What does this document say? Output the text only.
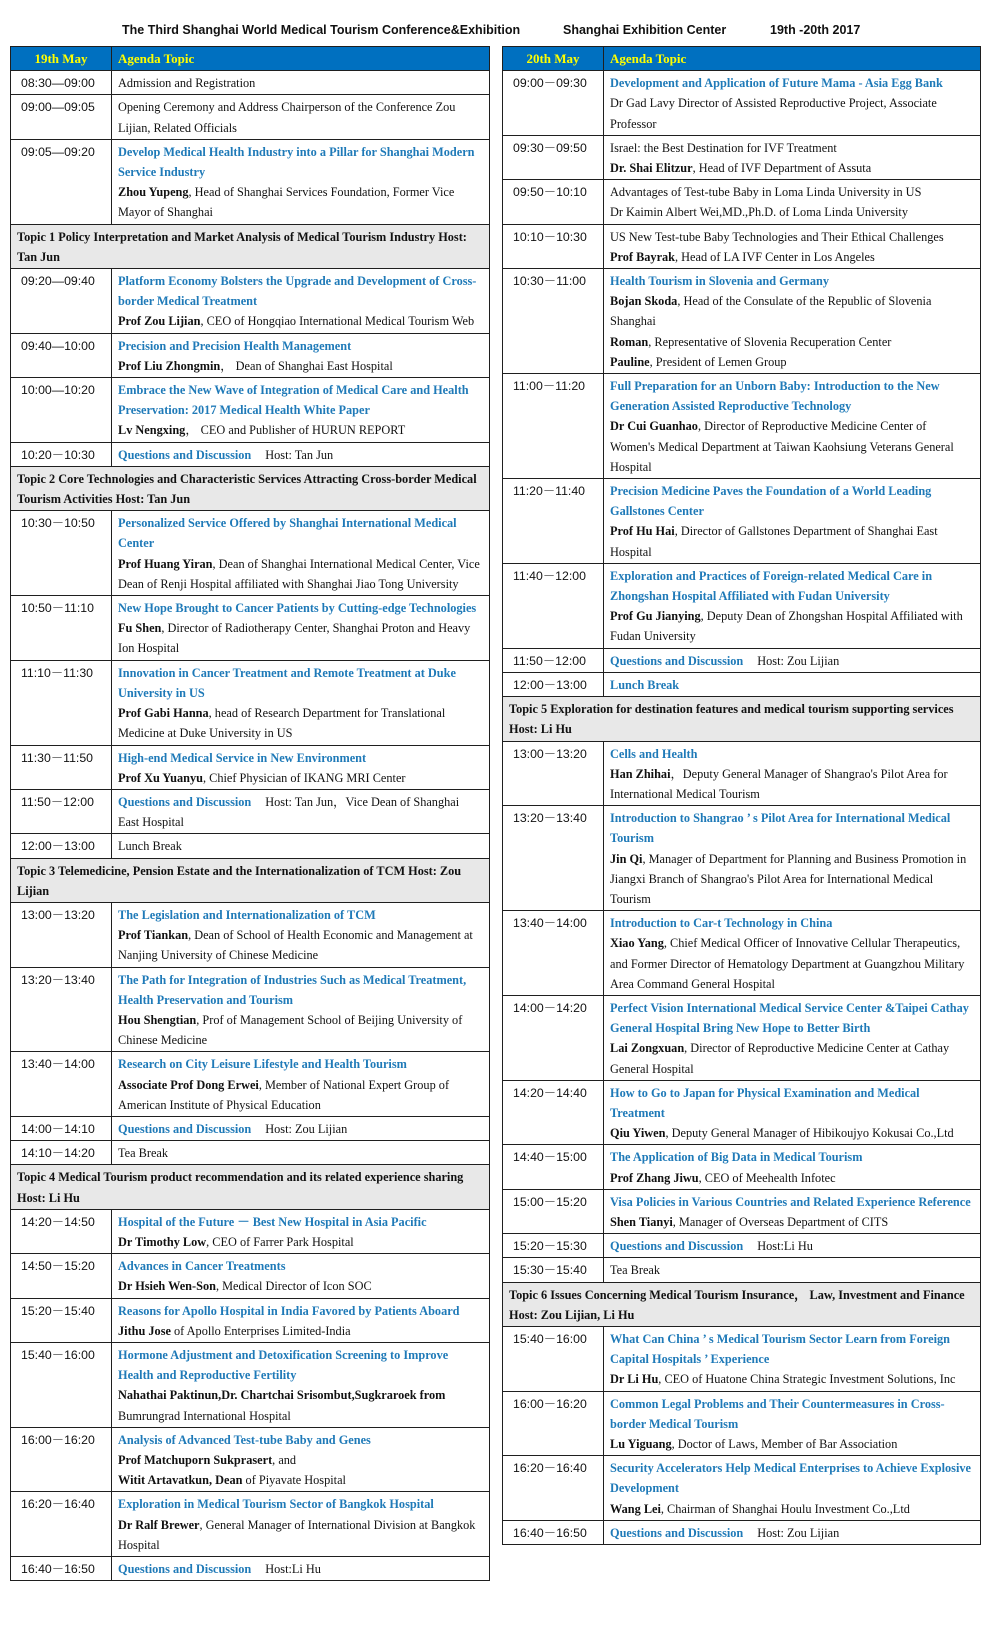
The Third Shanghai World Medical Tourism Conference&Exhibition	Shanghai Exhibition Center	19th -20th 2017
19th May	Agenda Topic
08:30—09:00	Admission and Registration
09:00—09:05	Opening Ceremony and Address Chairperson of the Conference Zou Lijian, Related Officials
09:05—09:20	Develop Medical Health Industry into a Pillar for Shanghai Modern Service Industry
Zhou Yupeng, Head of Shanghai Services Foundation, Former Vice Mayor of Shanghai

Topic 1 Policy Interpretation and Market Analysis of Medical Tourism Industry Host: Tan Jun	
09:20—09:40	Platform Economy Bolsters the Upgrade and Development of Cross-border Medical Treatment
Prof Zou Lijian, CEO of Hongqiao International Medical Tourism Web

09:40—10:00	Precision and Precision Health Management
Prof Liu Zhongmin， Dean of Shanghai East Hospital

10:00—10:20	Embrace the New Wave of Integration of Medical Care and Health Preservation: 2017 Medical Health White Paper
Lv Nengxing， CEO and Publisher of HURUN REPORT

10:20－10:30	Questions and Discussion Host: Tan Jun
Topic 2 Core Technologies and Characteristic Services Attracting Cross-border Medical Tourism Activities Host: Tan Jun	
10:30－10:50	Personalized Service Offered by Shanghai International Medical Center
Prof Huang Yiran, Dean of Shanghai International Medical Center, Vice Dean of Renji Hospital affiliated with Shanghai Jiao Tong University

10:50－11:10	New Hope Brought to Cancer Patients by Cutting-edge Technologies
Fu Shen, Director of Radiotherapy Center, Shanghai Proton and Heavy Ion Hospital

11:10－11:30	Innovation in Cancer Treatment and Remote Treatment at Duke University in US
Prof Gabi Hanna, head of Research Department for Translational Medicine at Duke University in US

11:30－11:50	High-end Medical Service in New Environment
Prof Xu Yuanyu, Chief Physician of IKANG MRI Center

11:50－12:00	Questions and Discussion Host: Tan Jun，Vice Dean of Shanghai East Hospital
12:00－13:00	Lunch Break
Topic 3 Telemedicine, Pension Estate and the Internationalization of TCM Host: Zou Lijian	
13:00－13:20	The Legislation and Internationalization of TCM
Prof Tiankan, Dean of School of Health Economic and Management at Nanjing University of Chinese Medicine

13:20－13:40	The Path for Integration of Industries Such as Medical Treatment, Health Preservation and Tourism
Hou Shengtian, Prof of Management School of Beijing University of Chinese Medicine

13:40－14:00	Research on City Leisure Lifestyle and Health Tourism
Associate Prof Dong Erwei, Member of National Expert Group of American Institute of Physical Education

14:00－14:10	Questions and Discussion Host: Zou Lijian
14:10－14:20	Tea Break
Topic 4 Medical Tourism product recommendation and its related experience sharing Host: Li Hu	
14:20－14:50	Hospital of the Future － Best New Hospital in Asia Pacific
Dr Timothy Low, CEO of Farrer Park Hospital

14:50－15:20	Advances in Cancer Treatments
Dr Hsieh Wen-Son, Medical Director of Icon SOC

15:20－15:40	Reasons for Apollo Hospital in India Favored by Patients Aboard
Jithu Jose of Apollo Enterprises Limited-India

15:40－16:00	Hormone Adjustment and Detoxification Screening to Improve Health and Reproductive Fertility
Nahathai Paktinun,Dr. Chartchai Srisombut,Sugkraroek from Bumrungrad International Hospital

16:00－16:20	Analysis of Advanced Test-tube Baby and Genes
Prof Matchuporn Sukprasert, and
Witit Artavatkun, Dean of Piyavate Hospital

16:20－16:40	Exploration in Medical Tourism Sector of Bangkok Hospital
Dr Ralf Brewer, General Manager of International Division at Bangkok Hospital

16:40－16:50	Questions and Discussion Host:Li Hu
20th May	Agenda Topic
09:00－09:30	Development and Application of Future Mama - Asia Egg Bank
Dr Gad Lavy Director of Assisted Reproductive Project, Associate Professor

09:30－09:50	Israel: the Best Destination for IVF Treatment
Dr. Shai Elitzur, Head of IVF Department of Assuta

09:50－10:10	Advantages of Test-tube Baby in Loma Linda University in US
Dr Kaimin Albert Wei,MD.,Ph.D. of Loma Linda University

10:10－10:30	US New Test-tube Baby Technologies and Their Ethical Challenges
Prof Bayrak, Head of LA IVF Center in Los Angeles

10:30－11:00	Health Tourism in Slovenia and Germany
Bojan Skoda, Head of the Consulate of the Republic of Slovenia Shanghai
Roman, Representative of Slovenia Recuperation Center
Pauline, President of Lemen Group

11:00－11:20	Full Preparation for an Unborn Baby: Introduction to the New Generation Assisted Reproductive Technology
Dr Cui Guanhao, Director of Reproductive Medicine Center of Women's Medical Department at Taiwan Kaohsiung Veterans General Hospital

11:20－11:40	Precision Medicine Paves the Foundation of a World Leading Gallstones Center
Prof Hu Hai, Director of Gallstones Department of Shanghai East Hospital

11:40－12:00	Exploration and Practices of Foreign-related Medical Care in Zhongshan Hospital Affiliated with Fudan University
Prof Gu Jianying, Deputy Dean of Zhongshan Hospital Affiliated with Fudan University

11:50－12:00	Questions and Discussion Host: Zou Lijian
12:00－13:00	Lunch Break
Topic 5 Exploration for destination features and medical tourism supporting services Host: Li Hu	
13:00－13:20	Cells and Health
Han Zhihai，Deputy General Manager of Shangrao's Pilot Area for International Medical Tourism

13:20－13:40	Introduction to Shangrao ’ s Pilot Area for International Medical Tourism
Jin Qi, Manager of Department for Planning and Business Promotion in Jiangxi Branch of Shangrao's Pilot Area for International Medical Tourism

13:40－14:00	Introduction to Car-t Technology in China
Xiao Yang, Chief Medical Officer of Innovative Cellular Therapeutics, and Former Director of Hematology Department at Guangzhou Military Area Command General Hospital

14:00－14:20	Perfect Vision International Medical Service Center &Taipei Cathay General Hospital Bring New Hope to Better Birth
Lai Zongxuan, Director of Reproductive Medicine Center at Cathay General Hospital

14:20－14:40	How to Go to Japan for Physical Examination and Medical Treatment
Qiu Yiwen, Deputy General Manager of Hibikoujyo Kokusai Co.,Ltd

14:40－15:00	The Application of Big Data in Medical Tourism
Prof Zhang Jiwu, CEO of Meehealth Infotec

15:00－15:20	Visa Policies in Various Countries and Related Experience Reference
Shen Tianyi, Manager of Overseas Department of CITS

15:20－15:30	Questions and Discussion Host:Li Hu
15:30－15:40	Tea Break
Topic 6 Issues Concerning Medical Tourism Insurance， Law, Investment and Finance Host: Zou Lijian, Li Hu	
15:40－16:00	What Can China ’ s Medical Tourism Sector Learn from Foreign Capital Hospitals ’ Experience
Dr Li Hu, CEO of Huatone China Strategic Investment Solutions, Inc

16:00－16:20	Common Legal Problems and Their Countermeasures in Cross-border Medical Tourism
Lu Yiguang, Doctor of Laws, Member of Bar Association

16:20－16:40	Security Accelerators Help Medical Enterprises to Achieve Explosive Development
Wang Lei, Chairman of Shanghai Houlu Investment Co.,Ltd

16:40－16:50	Questions and Discussion Host: Zou Lijian
